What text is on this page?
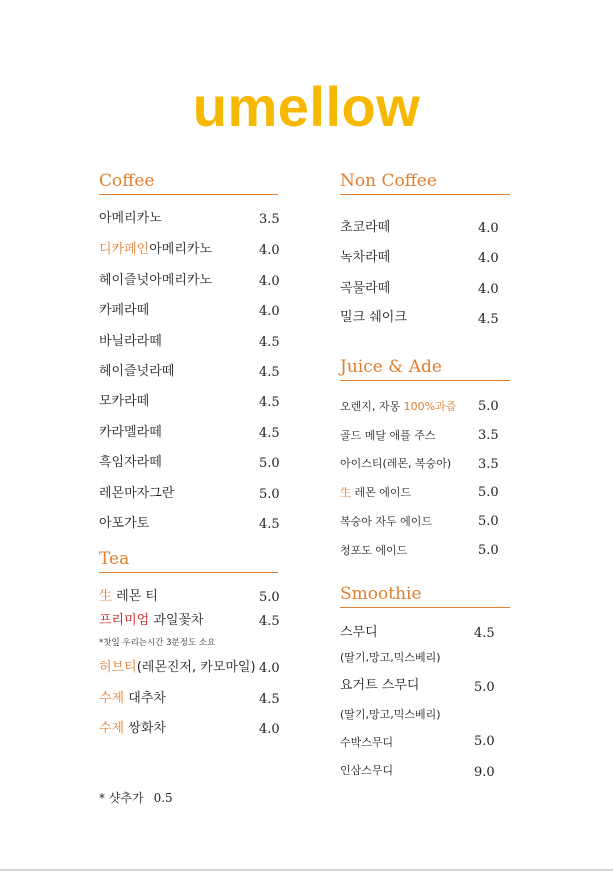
umellow
Coffee
아메리카노	3.5
디카페인아메리카노	4.0
헤이즐넛아메리카노	4.0
카페라떼	4.0
바닐라라떼	4.5
헤이즐넛라떼	4.5
모카라떼	4.5
카라멜라떼	4.5
흑임자라떼	5.0
레몬마자그란	5.0
아포가토	4.5
Tea
生 레몬 티	5.0
프리미엄 과일꽃차	4.5
*찻잎 우리는시간 3분정도 소요
허브티(레몬진저, 카모마일) 4.0
수제 대추차	4.5
수제 쌍화차	4.0
* 샷추가 0.5
Non Coffee
초코라떼	4.0
녹차라떼	4.0
곡물라떼	4.0
밀크 쉐이크	4.5
Juice & Ade
오렌지, 자몽 100%과즙 5.0
골드 메달 애플 주스	3.5
아이스티(레몬, 복숭아) 3.5
生 레몬 에이드	5.0
복숭아 자두 에이드	5.0
청포도 에이드	5.0
Smoothie
스무디	4.5
(딸기,망고,믹스베리)
요거트 스무디	5.0
(딸기,망고,믹스베리)
수박스무디	5.0
인삼스무디	9.0
